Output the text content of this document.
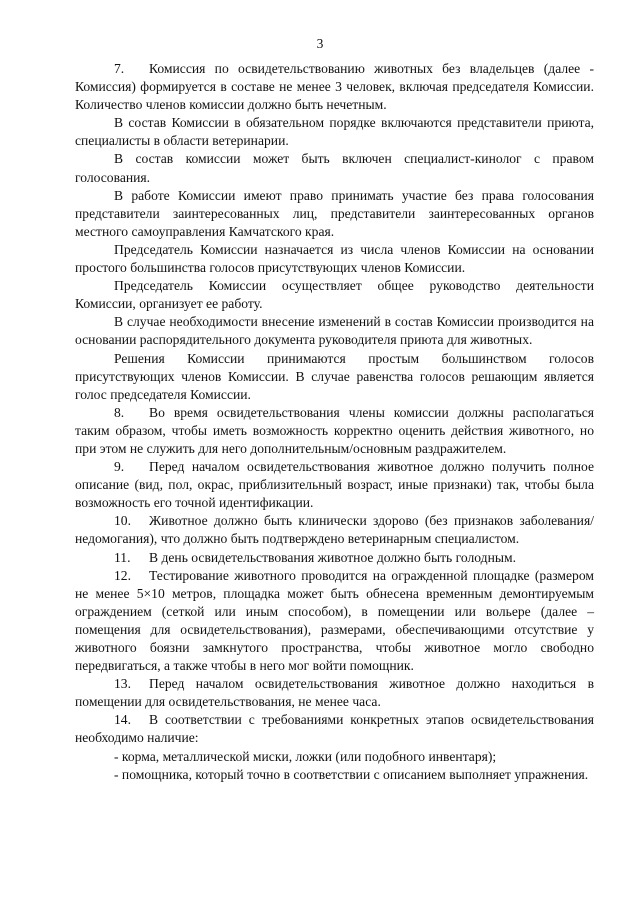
3

7. Комиссия по освидетельствованию животных без владельцев (далее - Комиссия) формируется в составе не менее 3 человек, включая председателя Комиссии. Количество членов комиссии должно быть нечетным.

В состав Комиссии в обязательном порядке включаются представители приюта, специалисты в области ветеринарии.

В состав комиссии может быть включен специалист-кинолог с правом голосования.

В работе Комиссии имеют право принимать участие без права голосования представители заинтересованных лиц, представители заинтересованных органов местного самоуправления Камчатского края.

Председатель Комиссии назначается из числа членов Комиссии на основании простого большинства голосов присутствующих членов Комиссии.

Председатель Комиссии осуществляет общее руководство деятельности Комиссии, организует ее работу.

В случае необходимости внесение изменений в состав Комиссии производится на основании распорядительного документа руководителя приюта для животных.

Решения Комиссии принимаются простым большинством голосов присутствующих членов Комиссии. В случае равенства голосов решающим является голос председателя Комиссии.

8. Во время освидетельствования члены комиссии должны располагаться таким образом, чтобы иметь возможность корректно оценить действия животного, но при этом не служить для него дополнительным/основным раздражителем.

9. Перед началом освидетельствования животное должно получить полное описание (вид, пол, окрас, приблизительный возраст, иные признаки) так, чтобы была возможность его точной идентификации.

10. Животное должно быть клинически здорово (без признаков заболевания/недомогания), что должно быть подтверждено ветеринарным специалистом.

11. В день освидетельствования животное должно быть голодным.

12. Тестирование животного проводится на огражденной площадке (размером не менее 5×10 метров, площадка может быть обнесена временным демонтируемым ограждением (сеткой или иным способом), в помещении или вольере (далее – помещения для освидетельствования), размерами, обеспечивающими отсутствие у животного боязни замкнутого пространства, чтобы животное могло свободно передвигаться, а также чтобы в него мог войти помощник.

13. Перед началом освидетельствования животное должно находиться в помещении для освидетельствования, не менее часа.

14. В соответствии с требованиями конкретных этапов освидетельствования необходимо наличие:

- корма, металлической миски, ложки (или подобного инвентаря);

- помощника, который точно в соответствии с описанием выполняет упражнения.
